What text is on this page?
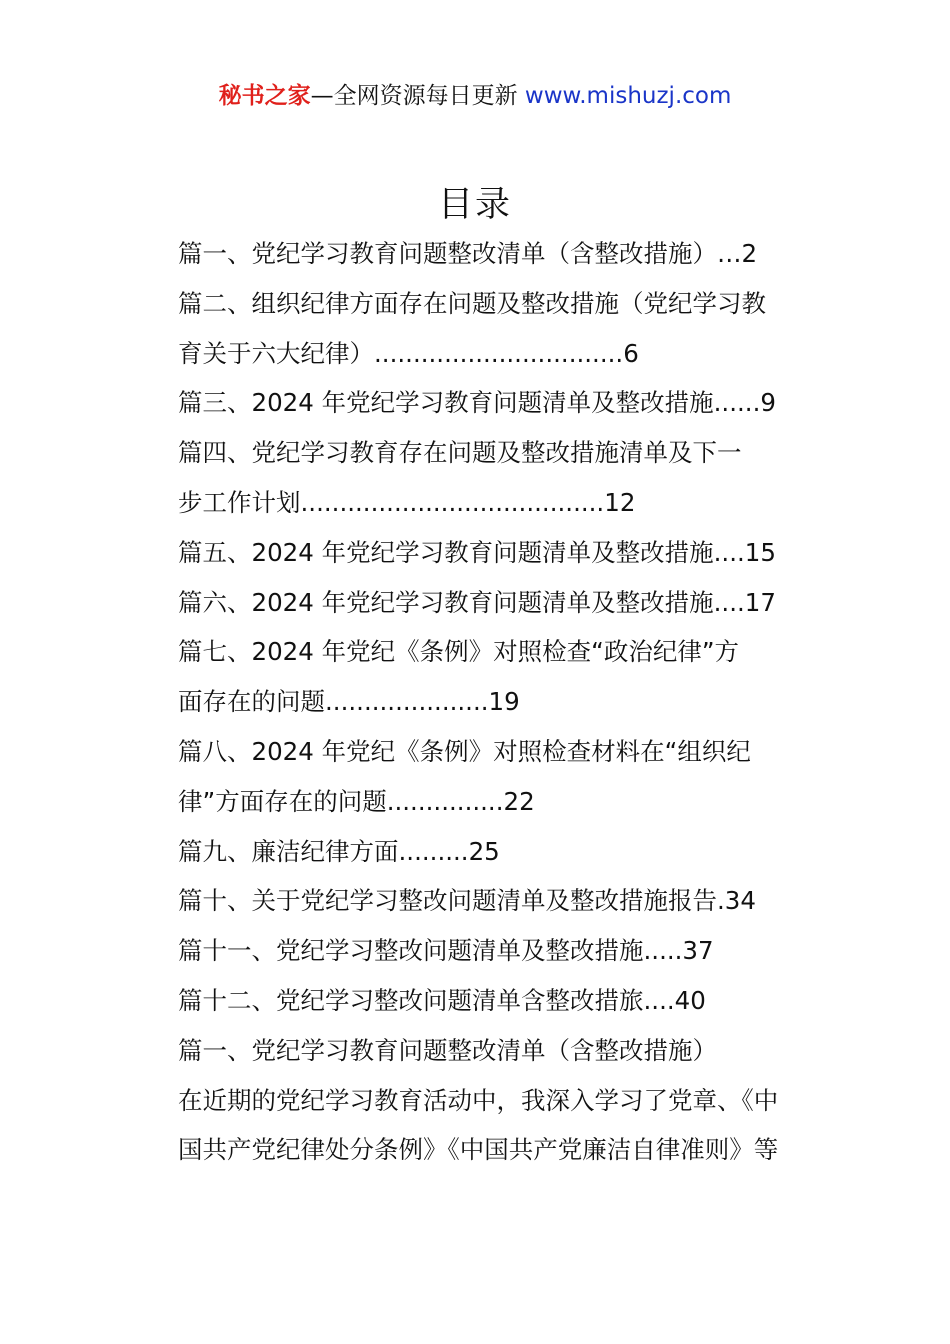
秘书之家—全网资源每日更新 www.mishuzj.com
目录
篇一、党纪学习教育问题整改清单（含整改措施）…2
篇二、组织纪律方面存在问题及整改措施（党纪学习教
育关于六大纪律）................................6
篇三、2024 年党纪学习教育问题清单及整改措施......9
篇四、党纪学习教育存在问题及整改措施清单及下一
步工作计划.......................................12
篇五、2024 年党纪学习教育问题清单及整改措施....15
篇六、2024 年党纪学习教育问题清单及整改措施....17
篇七、2024 年党纪《条例》对照检查“政治纪律”方
面存在的问题.....................19
篇八、2024 年党纪《条例》对照检查材料在“组织纪
律”方面存在的问题...............22
篇九、廉洁纪律方面.........25
篇十、关于党纪学习整改问题清单及整改措施报告.34
篇十一、党纪学习整改问题清单及整改措施.....37
篇十二、党纪学习整改问题清单含整改措旅....40
篇一、党纪学习教育问题整改清单（含整改措施）
在近期的党纪学习教育活动中，我深入学习了党章、《中
国共产党纪律处分条例》《中国共产党廉洁自律准则》等
